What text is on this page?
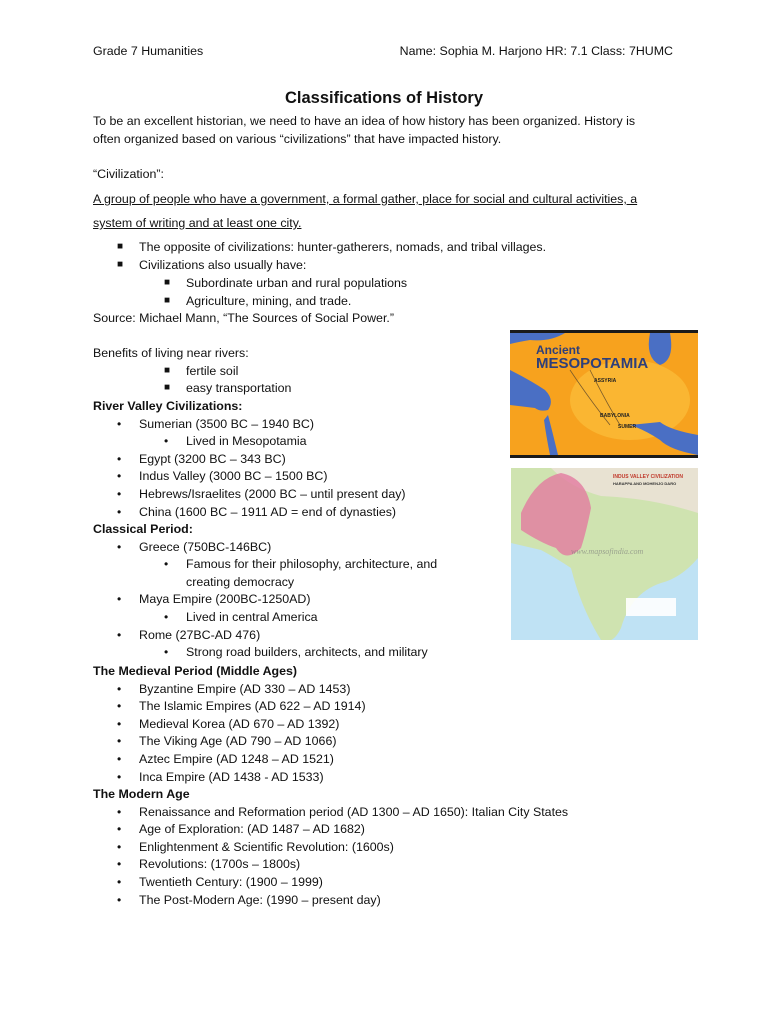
Grade 7 Humanities	Name: Sophia M. Harjono HR: 7.1 Class: 7HUMC
Classifications of History
To be an excellent historian, we need to have an idea of how history has been organized. History is
often organized based on various “civilizations” that have impacted history.
“Civilization”:
A group of people who have a government, a formal gather, place for social and cultural activities, a
system of writing and at least one city.
■ The opposite of civilizations: hunter-gatherers, nomads, and tribal villages.
■ Civilizations also usually have:
■ Subordinate urban and rural populations
■ Agriculture, mining, and trade.
Source: Michael Mann, “The Sources of Social Power.”
Benefits of living near rivers:
■ fertile soil
■ easy transportation
River Valley Civilizations:
• Sumerian (3500 BC – 1940 BC)
• Lived in Mesopotamia
• Egypt (3200 BC – 343 BC)
• Indus Valley (3000 BC – 1500 BC)
• Hebrews/Israelites (2000 BC – until present day)
• China (1600 BC – 1911 AD = end of dynasties)
Classical Period:
• Greece (750BC-146BC)
• Famous for their philosophy, architecture, and
creating democracy
• Maya Empire (200BC-1250AD)
• Lived in central America
• Rome (27BC-AD 476)
• Strong road builders, architects, and military
The Medieval Period (Middle Ages)
• Byzantine Empire (AD 330 – AD 1453)
• The Islamic Empires (AD 622 – AD 1914)
• Medieval Korea (AD 670 – AD 1392)
• The Viking Age (AD 790 – AD 1066)
• Aztec Empire (AD 1248 – AD 1521)
• Inca Empire (AD 1438 - AD 1533)
The Modern Age
• Renaissance and Reformation period (AD 1300 – AD 1650): Italian City States
• Age of Exploration: (AD 1487 – AD 1682)
• Enlightenment & Scientific Revolution: (1600s)
• Revolutions: (1700s – 1800s)
• Twentieth Century: (1900 – 1999)
• The Post-Modern Age: (1990 – present day)
Ancient
MESOPOTAMIA
ASSYRIA
BABYLONIA
SUMER
INDUS VALLEY CIVILIZATION
HARAPPA AND MOHENJO DARO
www.mapsofindia.com
